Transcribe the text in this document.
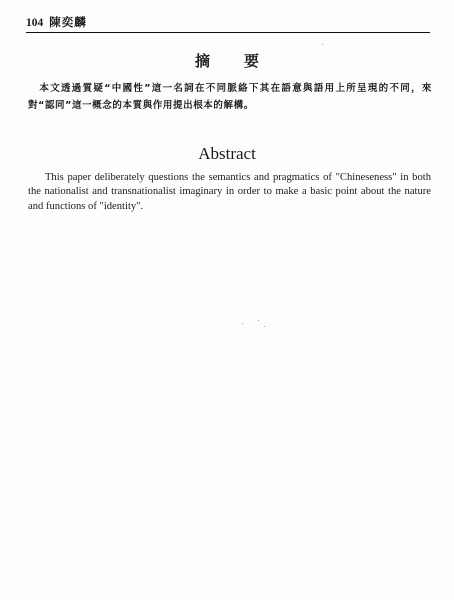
104 陳奕麟
摘要
本文透過質疑“中國性”這一名詞在不同脈絡下其在語意與語用上所呈現的不同，來對“認同”這一概念的本質與作用提出根本的解構。
Abstract
This paper deliberately questions the semantics and pragmatics of "Chineseness" in both the nationalist and transnationalist imaginary in order to make a basic point about the nature and functions of "identity".
